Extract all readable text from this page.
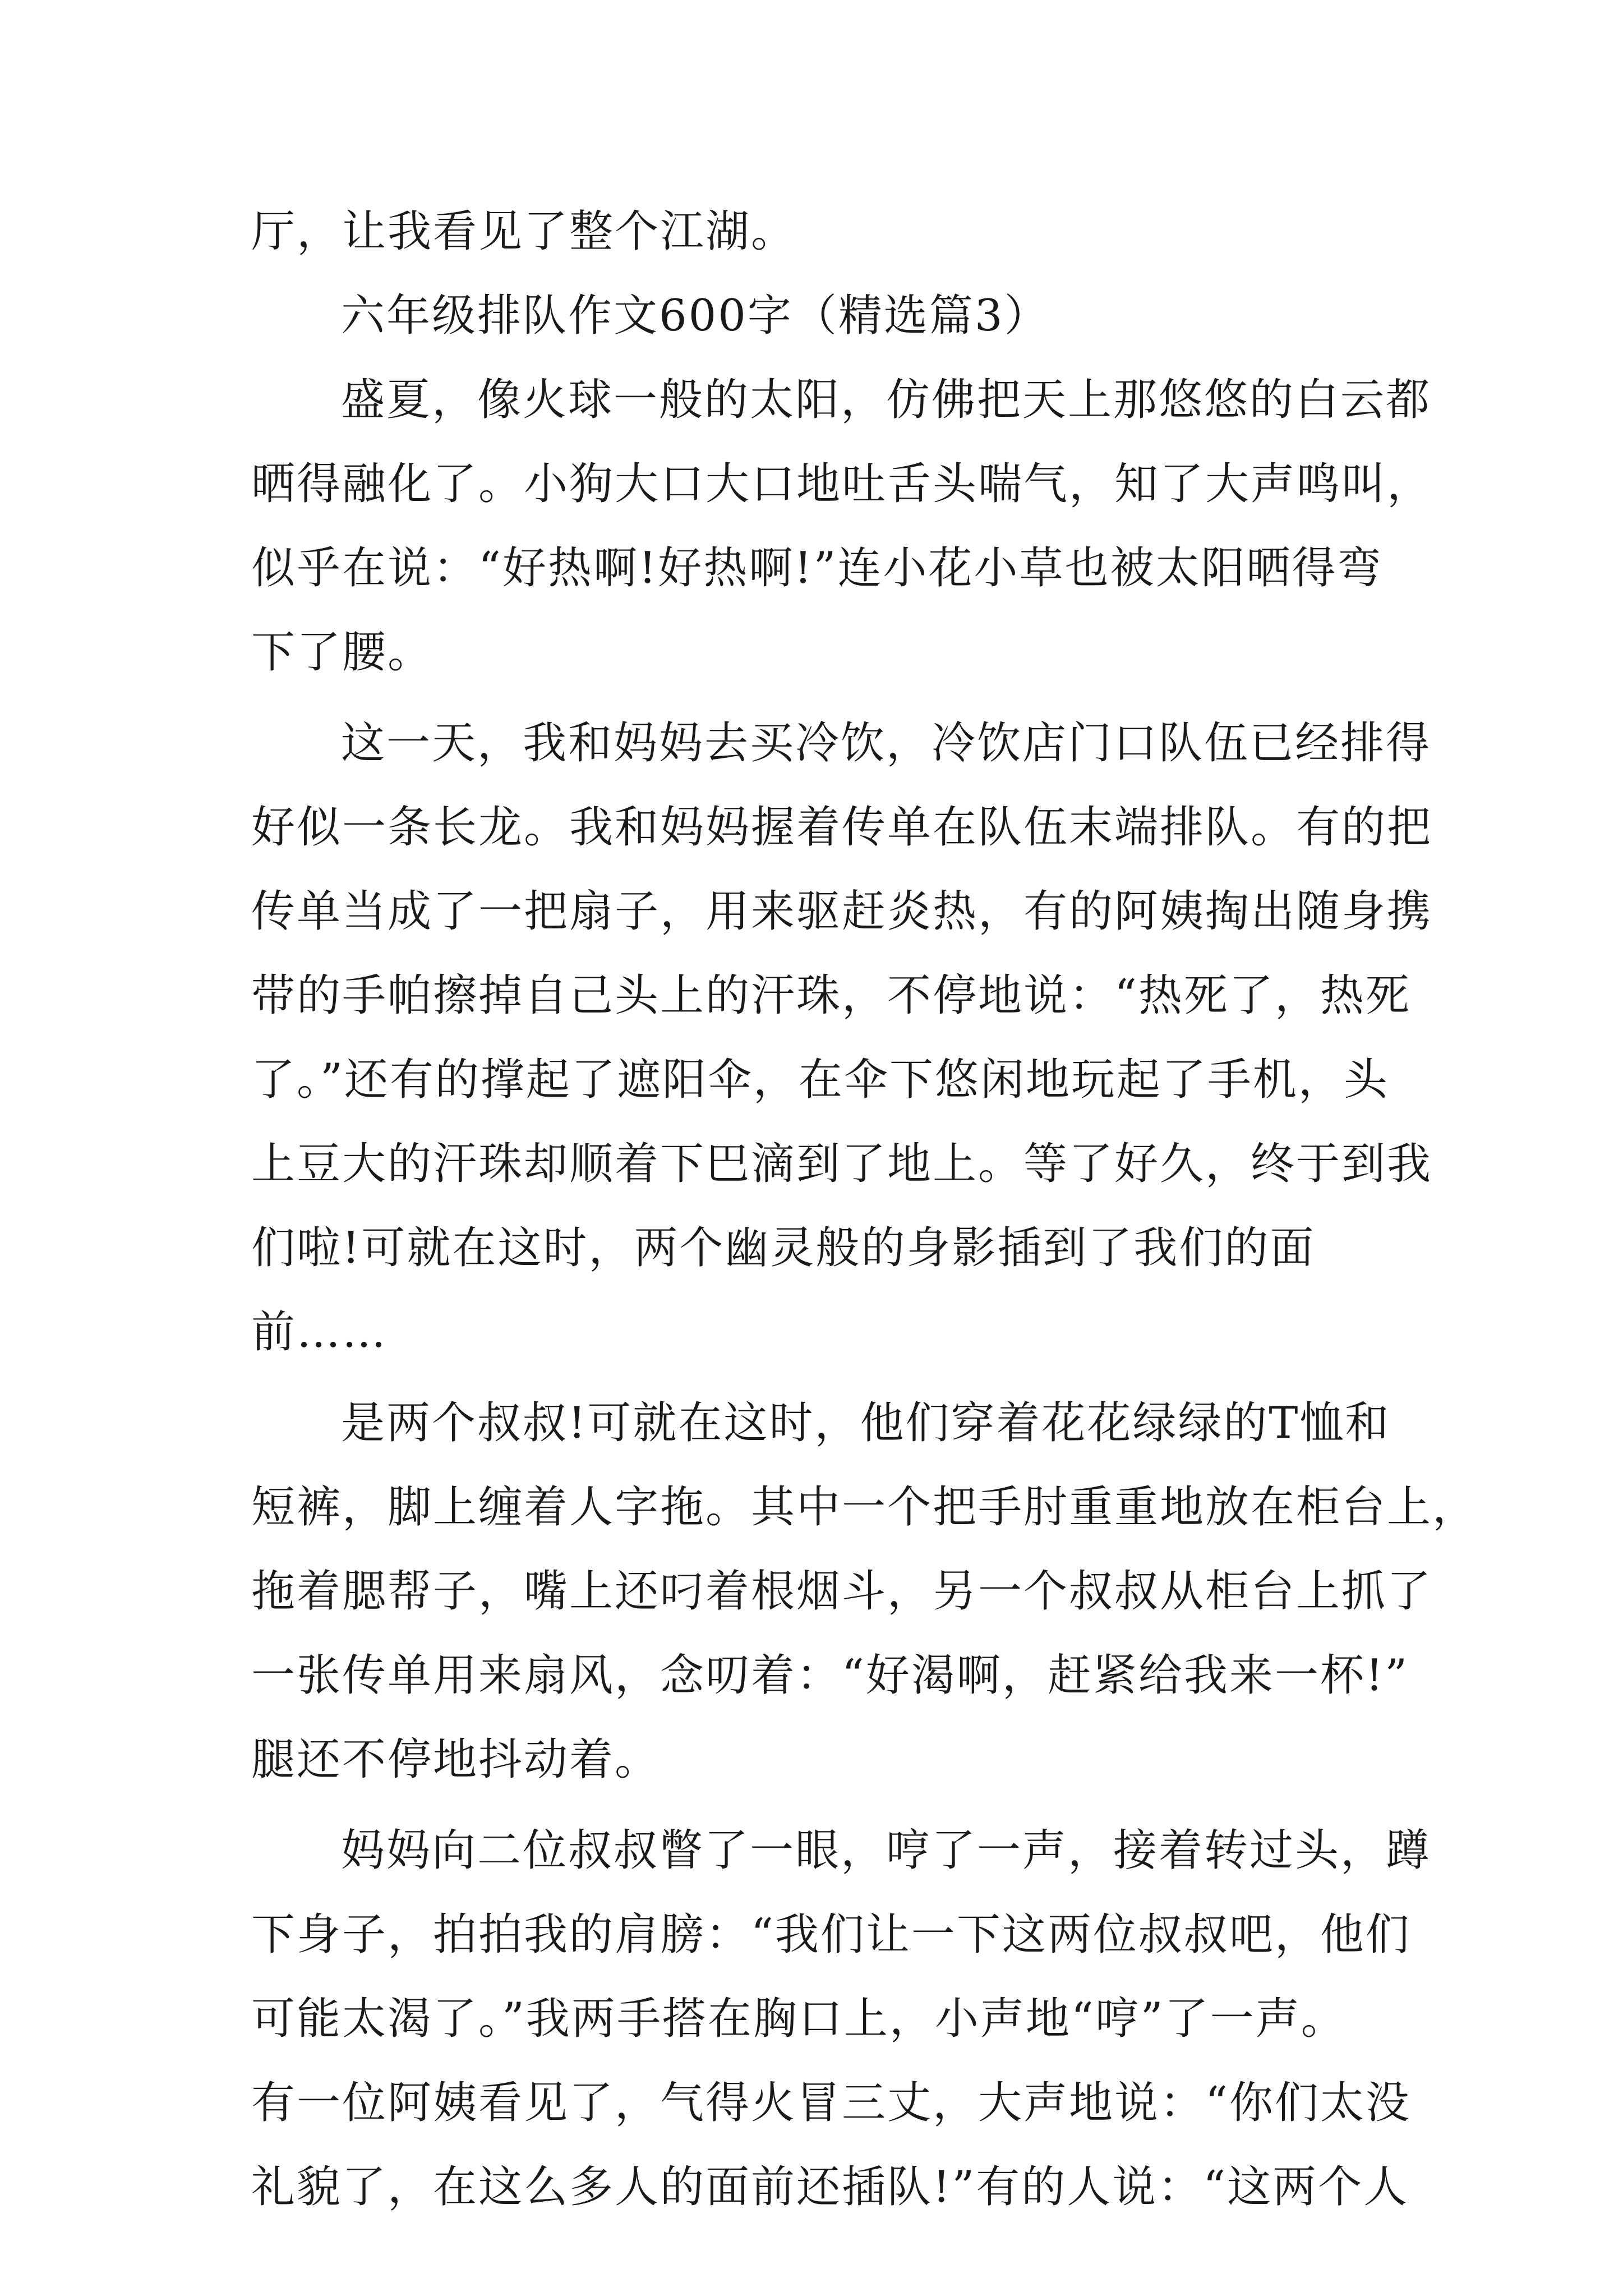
厅，让我看见了整个江湖。
六年级排队作文600字（精选篇3）
盛夏，像火球一般的太阳，仿佛把天上那悠悠的白云都
晒得融化了。小狗大口大口地吐舌头喘气，知了大声鸣叫，
似乎在说：“好热啊!好热啊!”连小花小草也被太阳晒得弯
下了腰。
这一天，我和妈妈去买冷饮，冷饮店门口队伍已经排得
好似一条长龙。我和妈妈握着传单在队伍末端排队。有的把
传单当成了一把扇子，用来驱赶炎热，有的阿姨掏出随身携
带的手帕擦掉自己头上的汗珠，不停地说：“热死了，热死
了。”还有的撑起了遮阳伞，在伞下悠闲地玩起了手机，头
上豆大的汗珠却顺着下巴滴到了地上。等了好久，终于到我
们啦!可就在这时，两个幽灵般的身影插到了我们的面
前……
是两个叔叔!可就在这时，他们穿着花花绿绿的T恤和
短裤，脚上缠着人字拖。其中一个把手肘重重地放在柜台上，
拖着腮帮子，嘴上还叼着根烟斗，另一个叔叔从柜台上抓了
一张传单用来扇风，念叨着：“好渴啊，赶紧给我来一杯!”
腿还不停地抖动着。
妈妈向二位叔叔瞥了一眼，哼了一声，接着转过头，蹲
下身子，拍拍我的肩膀：“我们让一下这两位叔叔吧，他们
可能太渴了。”我两手搭在胸口上，小声地“哼”了一声。
有一位阿姨看见了，气得火冒三丈，大声地说：“你们太没
礼貌了，在这么多人的面前还插队!”有的人说：“这两个人
